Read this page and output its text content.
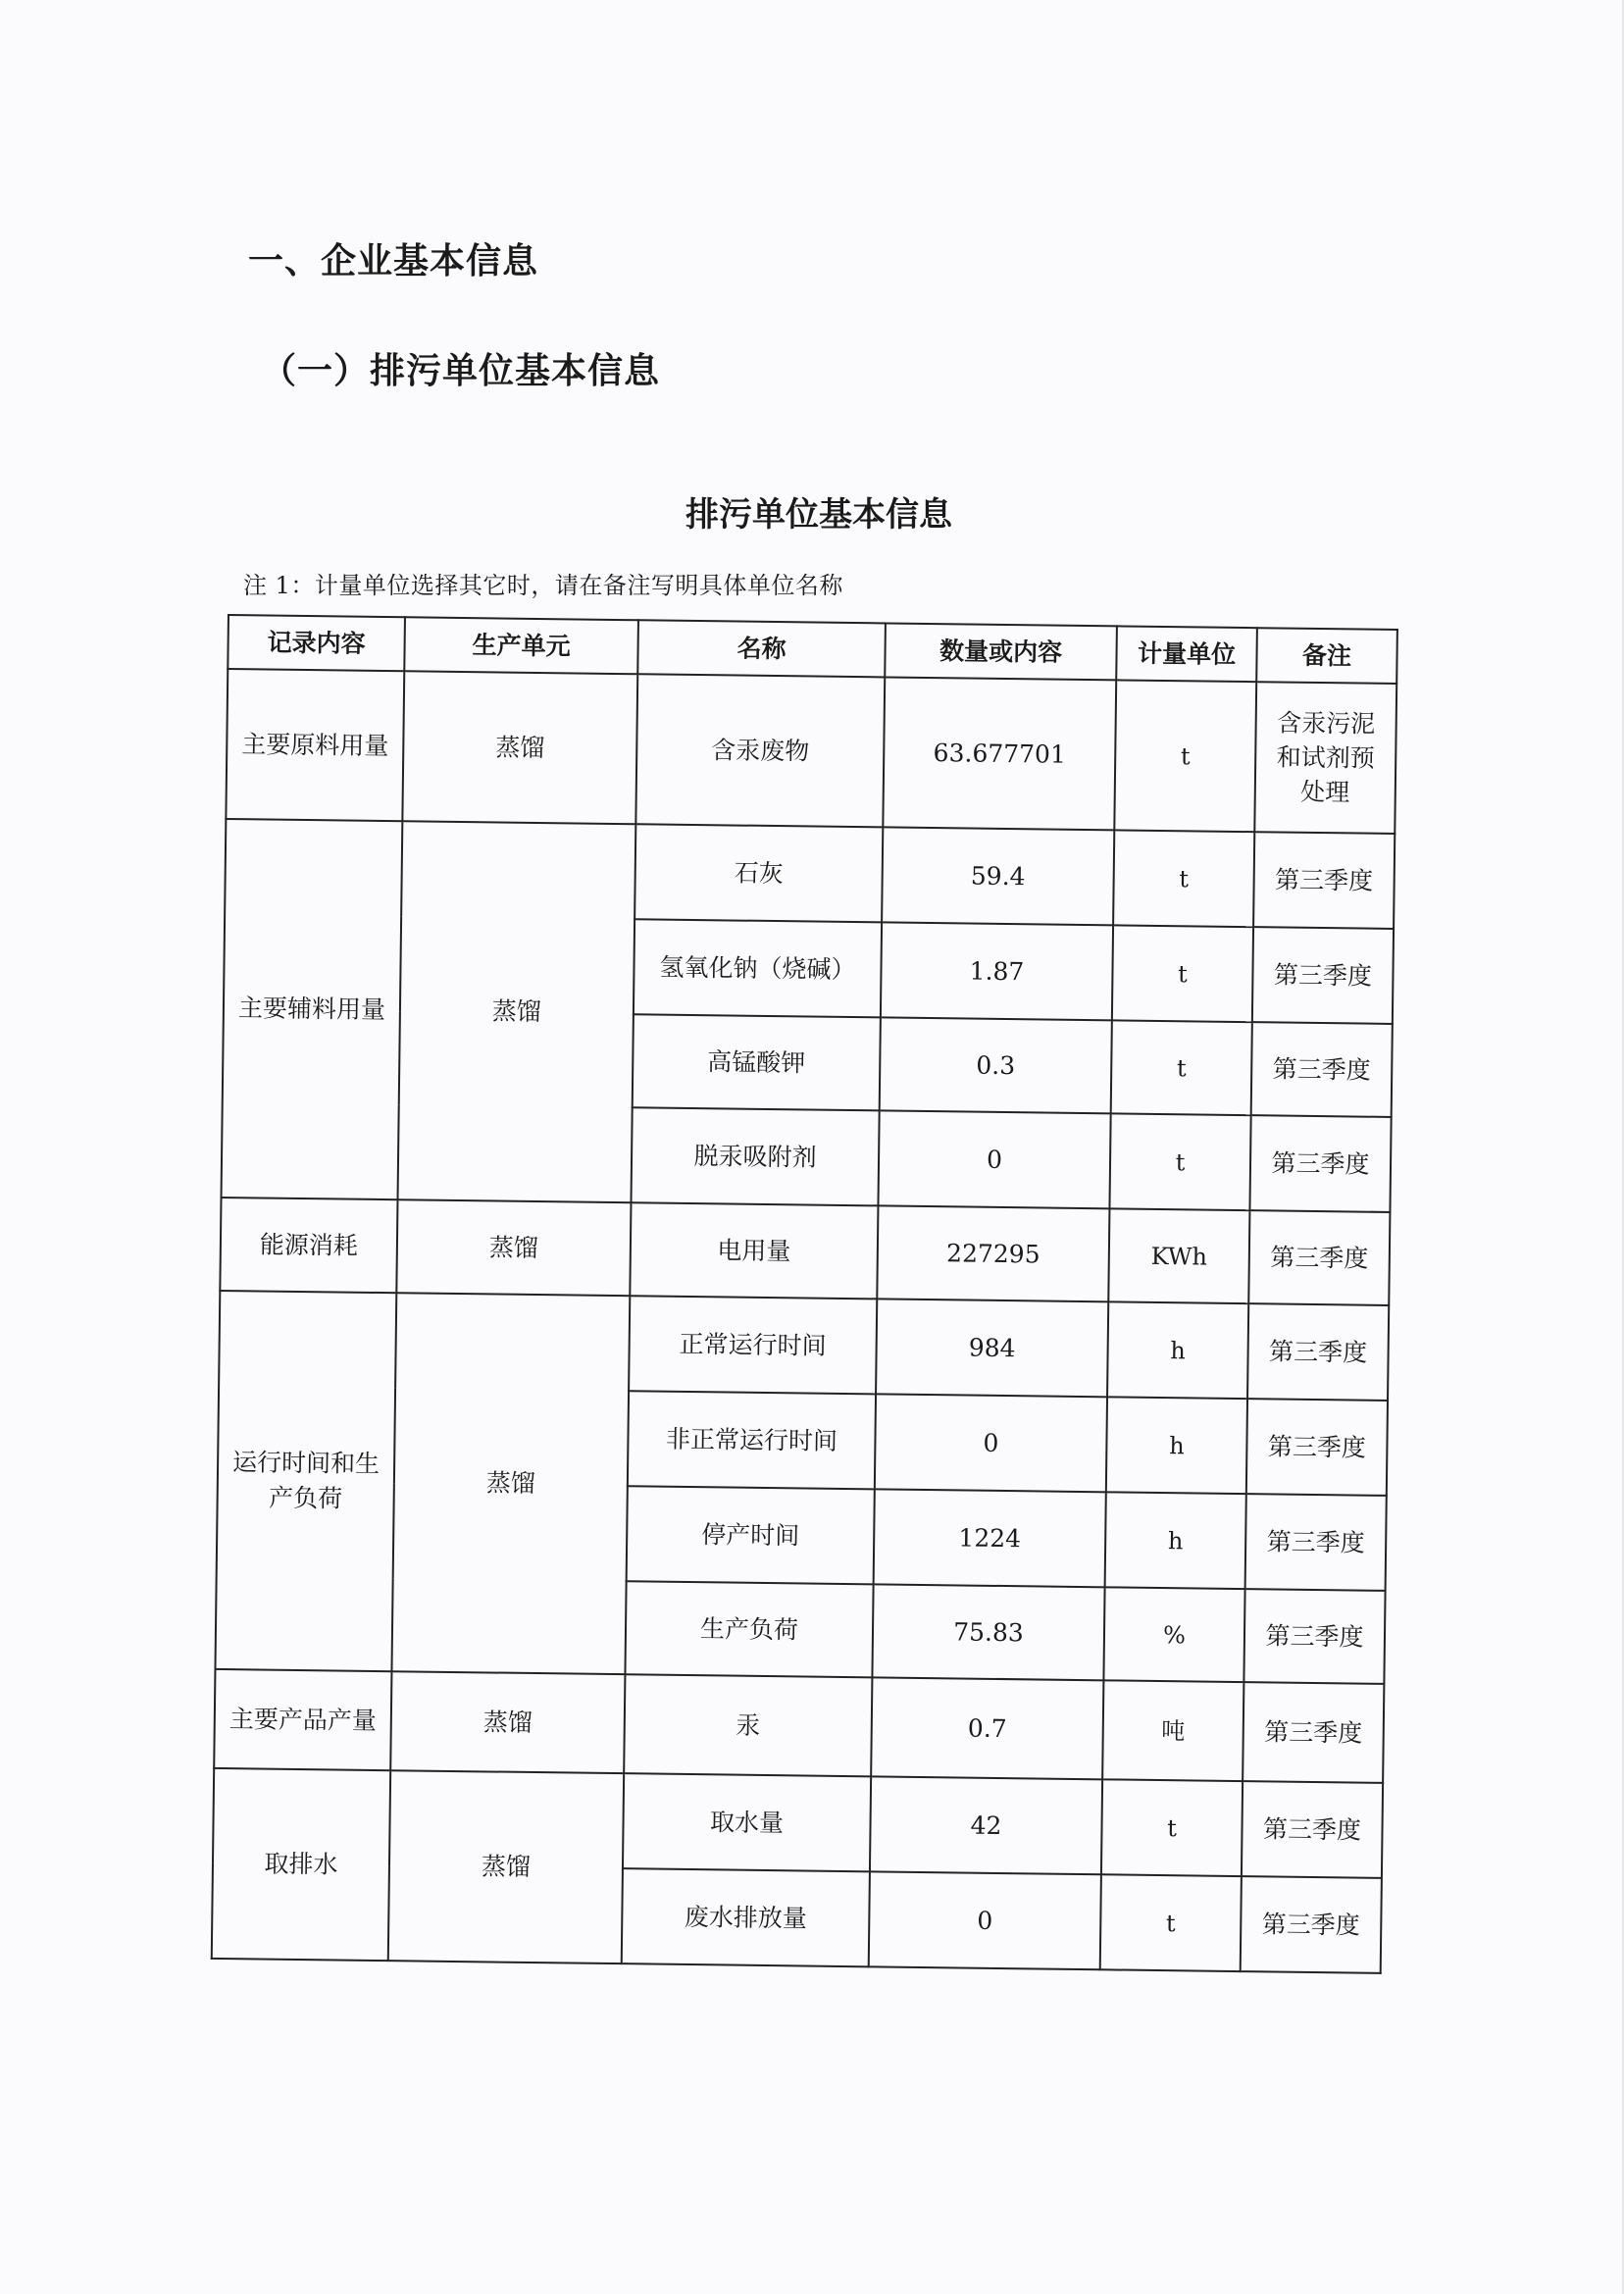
一、企业基本信息
（一）排污单位基本信息
排污单位基本信息
注 1：计量单位选择其它时，请在备注写明具体单位名称
记录内容	生产单元	名称	数量或内容	计量单位	备注
主要原料用量	蒸馏	含汞废物	63.677701	t	含汞污泥和试剂预处理
主要辅料用量	蒸馏	石灰	59.4	t	第三季度
		氢氧化钠（烧碱）	1.87	t	第三季度
		高锰酸钾	0.3	t	第三季度
		脱汞吸附剂	0	t	第三季度
能源消耗	蒸馏	电用量	227295	KWh	第三季度
运行时间和生产负荷	蒸馏	正常运行时间	984	h	第三季度
		非正常运行时间	0	h	第三季度
		停产时间	1224	h	第三季度
		生产负荷	75.83	%	第三季度
主要产品产量	蒸馏	汞	0.7	吨	第三季度
取排水	蒸馏	取水量	42	t	第三季度
		废水排放量	0	t	第三季度
